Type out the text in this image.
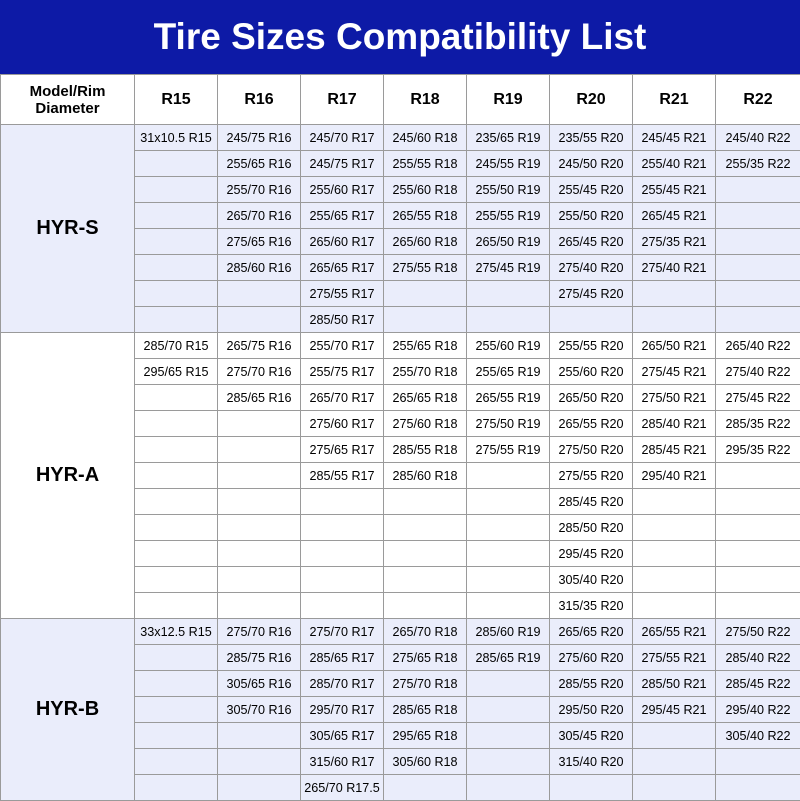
Tire Sizes Compatibility List
Model/Rim Diameter	R15	R16	R17	R18	R19	R20	R21	R22
HYR-S	31x10.5 R15	245/75 R16	245/70 R17	245/60 R18	235/65 R19	235/55 R20	245/45 R21	245/40 R22
		255/65 R16	245/75 R17	255/55 R18	245/55 R19	245/50 R20	255/40 R21	255/35 R22
		255/70 R16	255/60 R17	255/60 R18	255/50 R19	255/45 R20	255/45 R21	
		265/70 R16	255/65 R17	265/55 R18	255/55 R19	255/50 R20	265/45 R21	
		275/65 R16	265/60 R17	265/60 R18	265/50 R19	265/45 R20	275/35 R21	
		285/60 R16	265/65 R17	275/55 R18	275/45 R19	275/40 R20	275/40 R21	
			275/55 R17			275/45 R20		
			285/50 R17					
HYR-A	285/70 R15	265/75 R16	255/70 R17	255/65 R18	255/60 R19	255/55 R20	265/50 R21	265/40 R22
	295/65 R15	275/70 R16	255/75 R17	255/70 R18	255/65 R19	255/60 R20	275/45 R21	275/40 R22
		285/65 R16	265/70 R17	265/65 R18	265/55 R19	265/50 R20	275/50 R21	275/45 R22
			275/60 R17	275/60 R18	275/50 R19	265/55 R20	285/40 R21	285/35 R22
			275/65 R17	285/55 R18	275/55 R19	275/50 R20	285/45 R21	295/35 R22
			285/55 R17	285/60 R18		275/55 R20	295/40 R21	
						285/45 R20		
						285/50 R20		
						295/45 R20		
						305/40 R20		
						315/35 R20		
HYR-B	33x12.5 R15	275/70 R16	275/70 R17	265/70 R18	285/60 R19	265/65 R20	265/55 R21	275/50 R22
		285/75 R16	285/65 R17	275/65 R18	285/65 R19	275/60 R20	275/55 R21	285/40 R22
		305/65 R16	285/70 R17	275/70 R18		285/55 R20	285/50 R21	285/45 R22
		305/70 R16	295/70 R17	285/65 R18		295/50 R20	295/45 R21	295/40 R22
			305/65 R17	295/65 R18		305/45 R20		305/40 R22
			315/60 R17	305/60 R18		315/40 R20		
			265/70 R17.5					
